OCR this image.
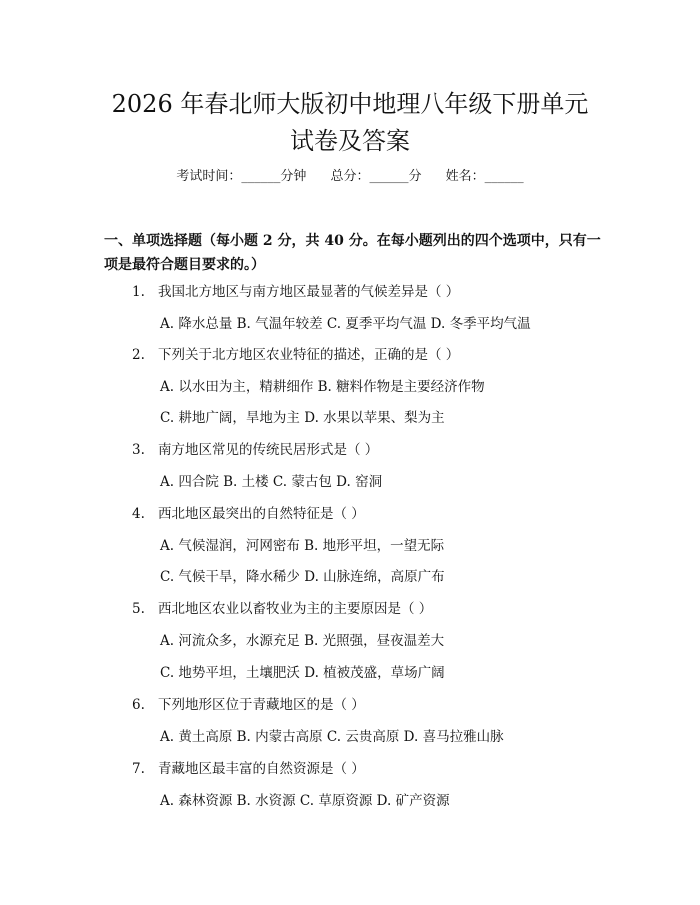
2026 年春北师大版初中地理八年级下册单元
试卷及答案
考试时间：______分钟 总分：______分 姓名：______

一、单项选择题（每小题 2 分，共 40 分。在每小题列出的四个选项中，只有一项是最符合题目要求的。）

1. 我国北方地区与南方地区最显著的气候差异是（ ）
A. 降水总量 B. 气温年较差 C. 夏季平均气温 D. 冬季平均气温
2. 下列关于北方地区农业特征的描述，正确的是（ ）
A. 以水田为主，精耕细作 B. 糖料作物是主要经济作物
C. 耕地广阔，旱地为主 D. 水果以苹果、梨为主
3. 南方地区常见的传统民居形式是（ ）
A. 四合院 B. 土楼 C. 蒙古包 D. 窑洞
4. 西北地区最突出的自然特征是（ ）
A. 气候湿润，河网密布 B. 地形平坦，一望无际
C. 气候干旱，降水稀少 D. 山脉连绵，高原广布
5. 西北地区农业以畜牧业为主的主要原因是（ ）
A. 河流众多，水源充足 B. 光照强，昼夜温差大
C. 地势平坦，土壤肥沃 D. 植被茂盛，草场广阔
6. 下列地形区位于青藏地区的是（ ）
A. 黄土高原 B. 内蒙古高原 C. 云贵高原 D. 喜马拉雅山脉
7. 青藏地区最丰富的自然资源是（ ）
A. 森林资源 B. 水资源 C. 草原资源 D. 矿产资源
